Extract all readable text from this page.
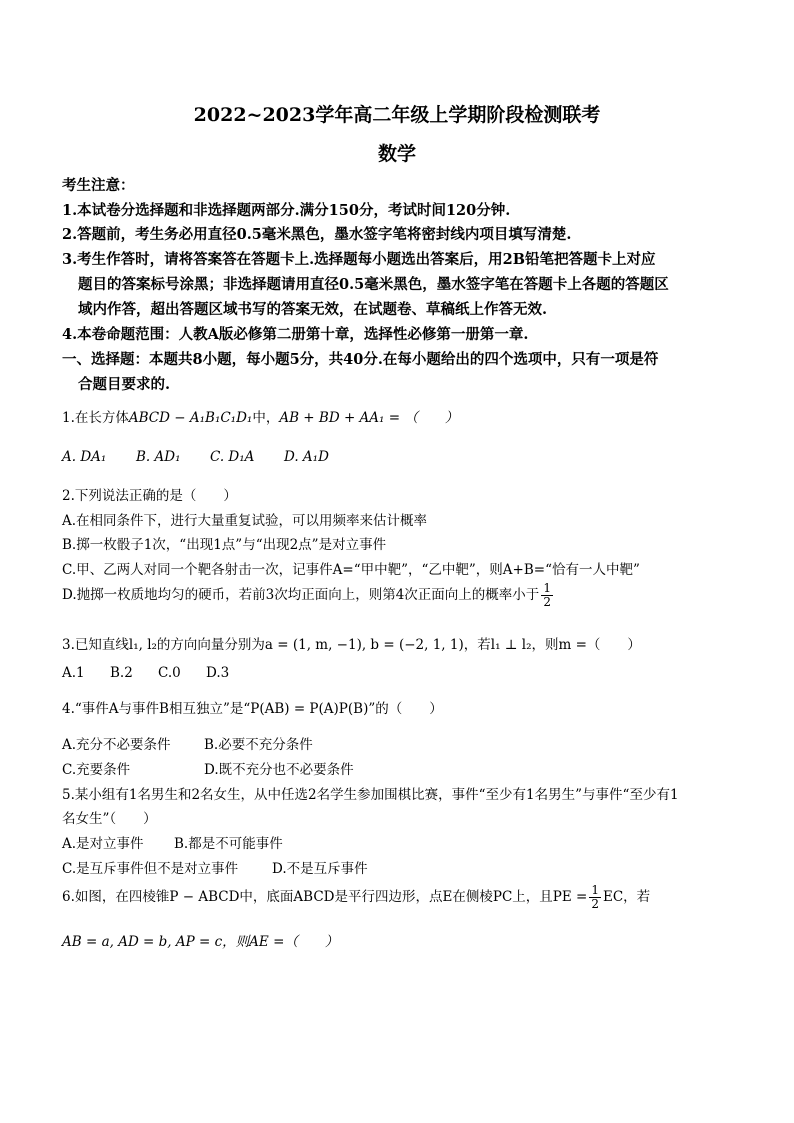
2022~2023学年高二年级上学期阶段检测联考
数学
考生注意：
1.本试卷分选择题和非选择题两部分.满分150分，考试时间120分钟.
2.答题前，考生务必用直径0.5毫米黑色，墨水签字笔将密封线内项目填写清楚.
3.考生作答时，请将答案答在答题卡上.选择题每小题选出答案后，用2B铅笔把答题卡上对应
题目的答案标号涂黑；非选择题请用直径0.5毫米黑色，墨水签字笔在答题卡上各题的答题区
域内作答，超出答题区域书写的答案无效，在试题卷、草稿纸上作答无效.
4.本卷命题范围：人教A版必修第二册第十章，选择性必修第一册第一章.
一、选择题：本题共8小题，每小题5分，共40分.在每小题给出的四个选项中，只有一项是符
合题目要求的.
1.在长方体ABCD − A₁B₁C₁D₁中，AB + BD + AA₁ = （　　）
A. DA₁ B. AD₁ C. D₁A D. A₁D
2.下列说法正确的是（　　）
A.在相同条件下，进行大量重复试验，可以用频率来估计概率
B.掷一枚骰子1次，“出现1点”与“出现2点”是对立事件
C.甲、乙两人对同一个靶各射击一次，记事件A=“甲中靶”，“乙中靶”，则A+B=“恰有一人中靶”
D.抛掷一枚质地均匀的硬币，若前3次均正面向上，则第4次正面向上的概率小于 $\frac{1}{2}$
3.已知直线l₁, l₂的方向向量分别为a = (1, m, −1), b = (−2, 1, 1)，若l₁ ⊥ l₂，则m =（　　）
A.1 B.2 C.0 D.3
4.“事件A与事件B相互独立”是“P(AB) = P(A)P(B)”的（　　）
A.充分不必要条件 B.必要不充分条件
C.充要条件	D.既不充分也不必要条件
5.某小组有1名男生和2名女生，从中任选2名学生参加围棋比赛，事件“至少有1名男生”与事件“至少有1
名女生”（　　）
A.是对立事件 B.都是不可能事件
C.是互斥事件但不是对立事件	D.不是互斥事件
6.如图，在四棱锥P − ABCD中，底面ABCD是平行四边形，点E在侧棱PC上，且PE = $\frac{1}{2}$ EC，若
AB = a, AD = b, AP = c，则AE =（　　）
